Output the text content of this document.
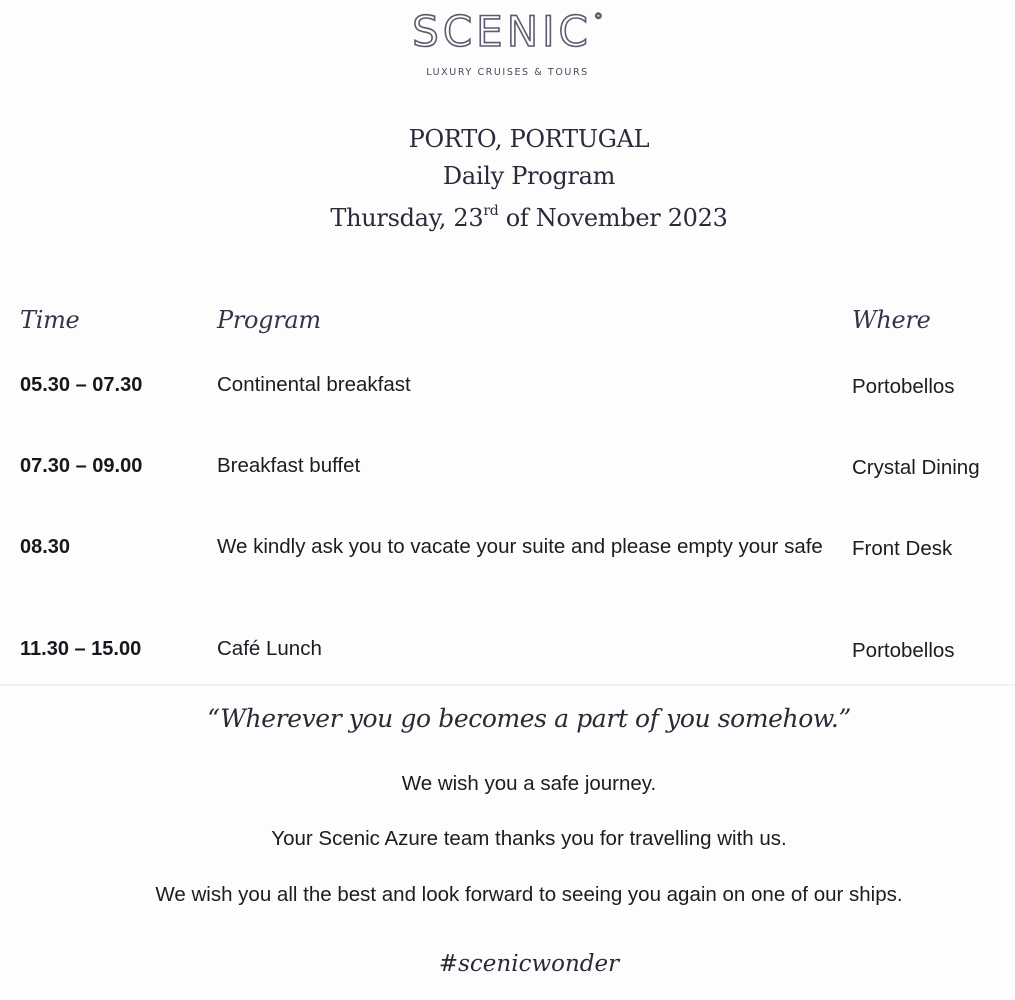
SCENIC °
LUXURY CRUISES & TOURS
PORTO, PORTUGAL
Daily Program
Thursday, 23rd of November 2023
Time	Program	Where
05.30 – 07.30	Continental breakfast	Portobellos
07.30 – 09.00	Breakfast buffet	Crystal Dining
08.30	We kindly ask you to vacate your suite and please empty your safe	Front Desk
11.30 – 15.00	Café Lunch	Portobellos
“Wherever you go becomes a part of you somehow.”
We wish you a safe journey.
Your Scenic Azure team thanks you for travelling with us.
We wish you all the best and look forward to seeing you again on one of our ships.
#scenicwonder
